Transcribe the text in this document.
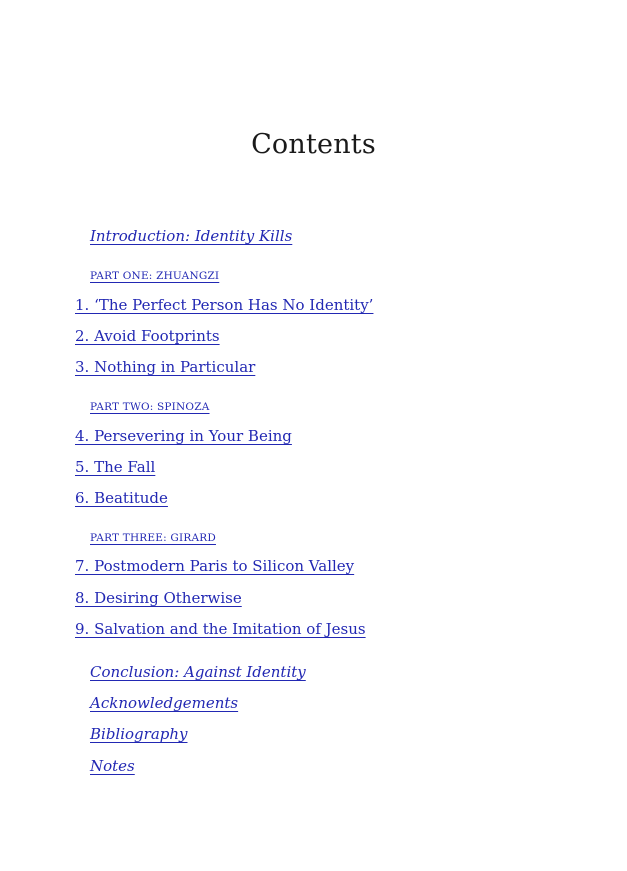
Contents
Introduction: Identity Kills
PART ONE: ZHUANGZI
1. ‘The Perfect Person Has No Identity’
2. Avoid Footprints
3. Nothing in Particular
PART TWO: SPINOZA
4. Persevering in Your Being
5. The Fall
6. Beatitude
PART THREE: GIRARD
7. Postmodern Paris to Silicon Valley
8. Desiring Otherwise
9. Salvation and the Imitation of Jesus
Conclusion: Against Identity
Acknowledgements
Bibliography
Notes
